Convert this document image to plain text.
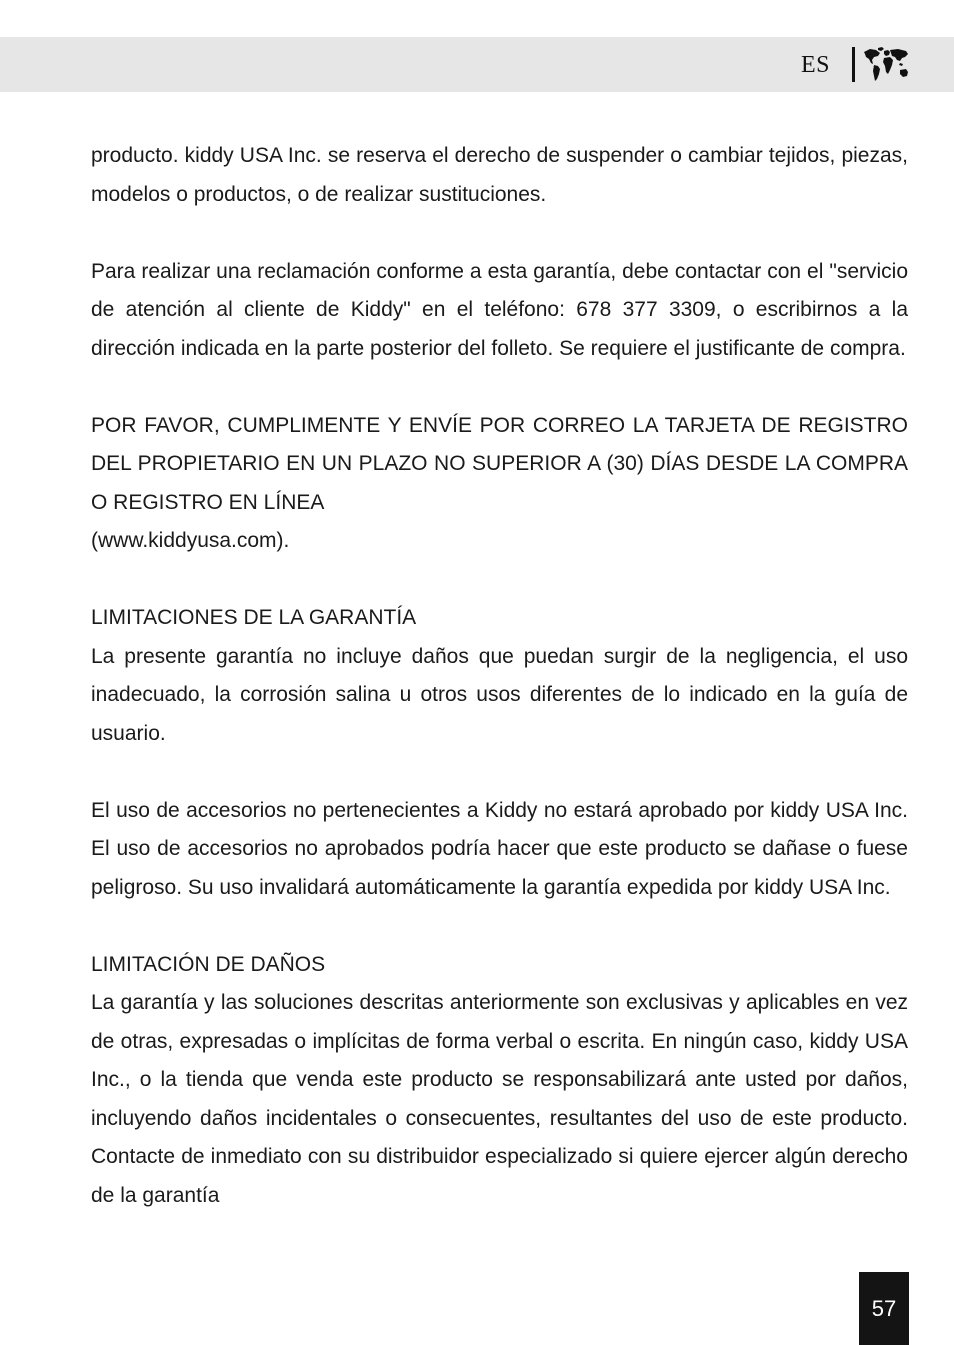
ES

producto. kiddy USA Inc. se reserva el derecho de suspender o cambiar tejidos, piezas, modelos o productos, o de realizar sustituciones.

Para realizar una reclamación conforme a esta garantía, debe contactar con el "servicio de atención al cliente de Kiddy" en el teléfono: 678 377 3309, o escribirnos a la dirección indicada en la parte posterior del folleto. Se requiere el justificante de compra.

POR FAVOR, CUMPLIMENTE Y ENVÍE POR CORREO LA TARJETA DE REGISTRO DEL PROPIETARIO EN UN PLAZO NO SUPERIOR A (30) DÍAS DESDE LA COMPRA O REGISTRO EN LÍNEA
(www.kiddyusa.com).

LIMITACIONES DE LA GARANTÍA
La presente garantía no incluye daños que puedan surgir de la negligencia, el uso inadecuado, la corrosión salina u otros usos diferentes de lo indicado en la guía de usuario.

El uso de accesorios no pertenecientes a Kiddy no estará aprobado por kiddy USA Inc. El uso de accesorios no aprobados podría hacer que este producto se dañase o fuese peligroso. Su uso invalidará automáticamente la garantía expedida por kiddy USA Inc.

LIMITACIÓN DE DAÑOS
La garantía y las soluciones descritas anteriormente son exclusivas y aplicables en vez de otras, expresadas o implícitas de forma verbal o escrita. En ningún caso, kiddy USA Inc., o la tienda que venda este producto se responsabilizará ante usted por daños, incluyendo daños incidentales o consecuentes, resultantes del uso de este producto. Contacte de inmediato con su distribuidor especializado si quiere ejercer algún derecho de la garantía

57
